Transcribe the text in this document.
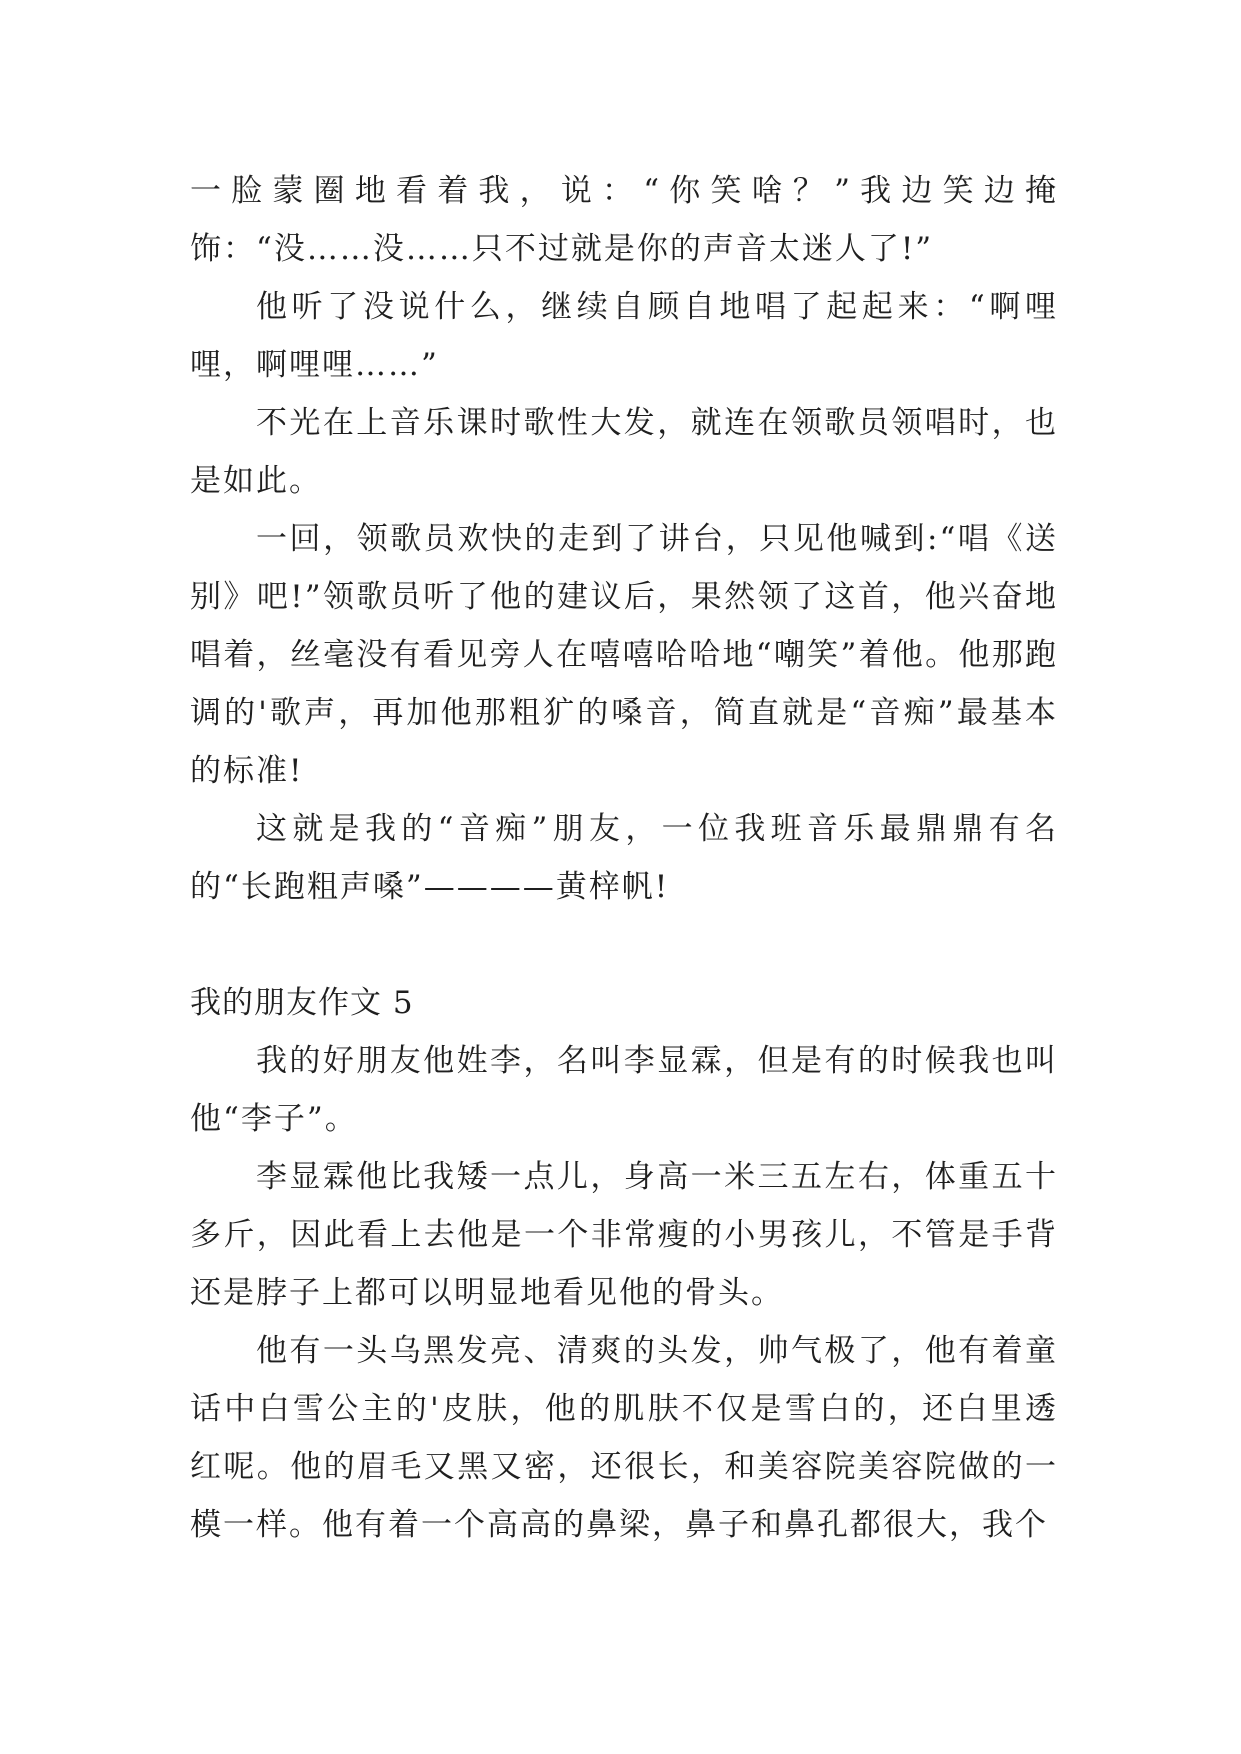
一脸蒙圈地看着我，说：“你笑啥？”我边笑边掩饰：“没……没……只不过就是你的声音太迷人了!”

他听了没说什么，继续自顾自地唱了起起来：“啊哩哩，啊哩哩……”

不光在上音乐课时歌性大发，就连在领歌员领唱时，也是如此。

一回，领歌员欢快的走到了讲台，只见他喊到:“唱《送别》吧!”领歌员听了他的建议后，果然领了这首，他兴奋地唱着，丝毫没有看见旁人在嘻嘻哈哈地“嘲笑”着他。他那跑调的'歌声，再加他那粗犷的嗓音，简直就是“音痴”最基本的标准!

这就是我的“音痴”朋友，一位我班音乐最鼎鼎有名的“长跑粗声嗓”————黄梓帆!

我的朋友作文 5

我的好朋友他姓李，名叫李显霖，但是有的时候我也叫他“李子”。

李显霖他比我矮一点儿，身高一米三五左右，体重五十多斤，因此看上去他是一个非常瘦的小男孩儿，不管是手背还是脖子上都可以明显地看见他的骨头。

他有一头乌黑发亮、清爽的头发，帅气极了，他有着童话中白雪公主的'皮肤，他的肌肤不仅是雪白的，还白里透红呢。他的眉毛又黑又密，还很长，和美容院美容院做的一模一样。他有着一个高高的鼻梁，鼻子和鼻孔都很大，我个
